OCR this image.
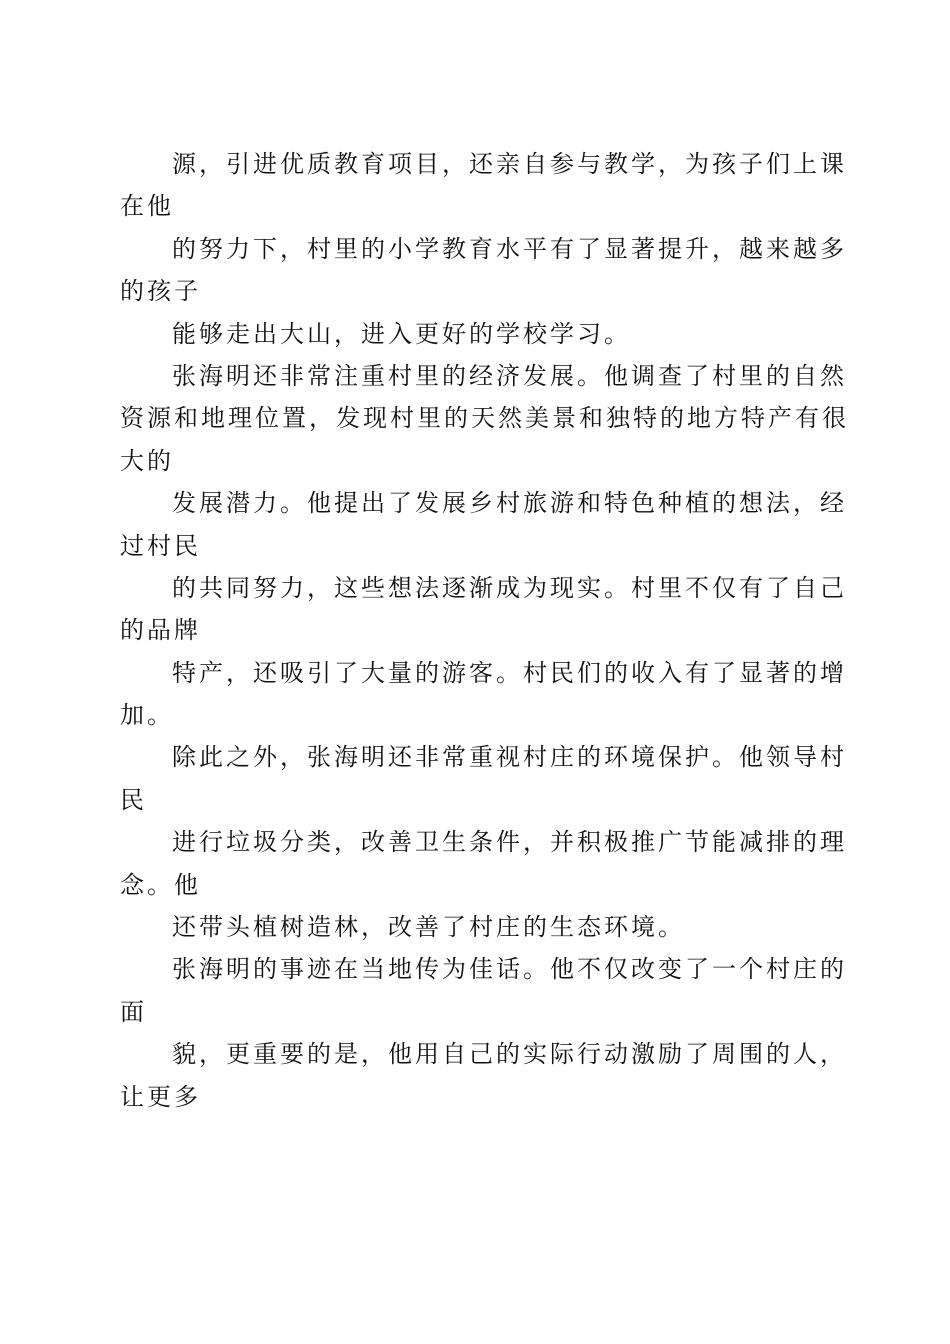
源，引进优质教育项目，还亲自参与教学，为孩子们上课
在他
的努力下，村里的小学教育水平有了显著提升，越来越多
的孩子
能够走出大山，进入更好的学校学习。
张海明还非常注重村里的经济发展。他调查了村里的自然
资源和地理位置，发现村里的天然美景和独特的地方特产有很
大的
发展潜力。他提出了发展乡村旅游和特色种植的想法，经
过村民
的共同努力，这些想法逐渐成为现实。村里不仅有了自己
的品牌
特产，还吸引了大量的游客。村民们的收入有了显著的增
加。
除此之外，张海明还非常重视村庄的环境保护。他领导村
民
进行垃圾分类，改善卫生条件，并积极推广节能减排的理
念。他
还带头植树造林，改善了村庄的生态环境。
张海明的事迹在当地传为佳话。他不仅改变了一个村庄的
面
貌，更重要的是，他用自己的实际行动激励了周围的人，
让更多
